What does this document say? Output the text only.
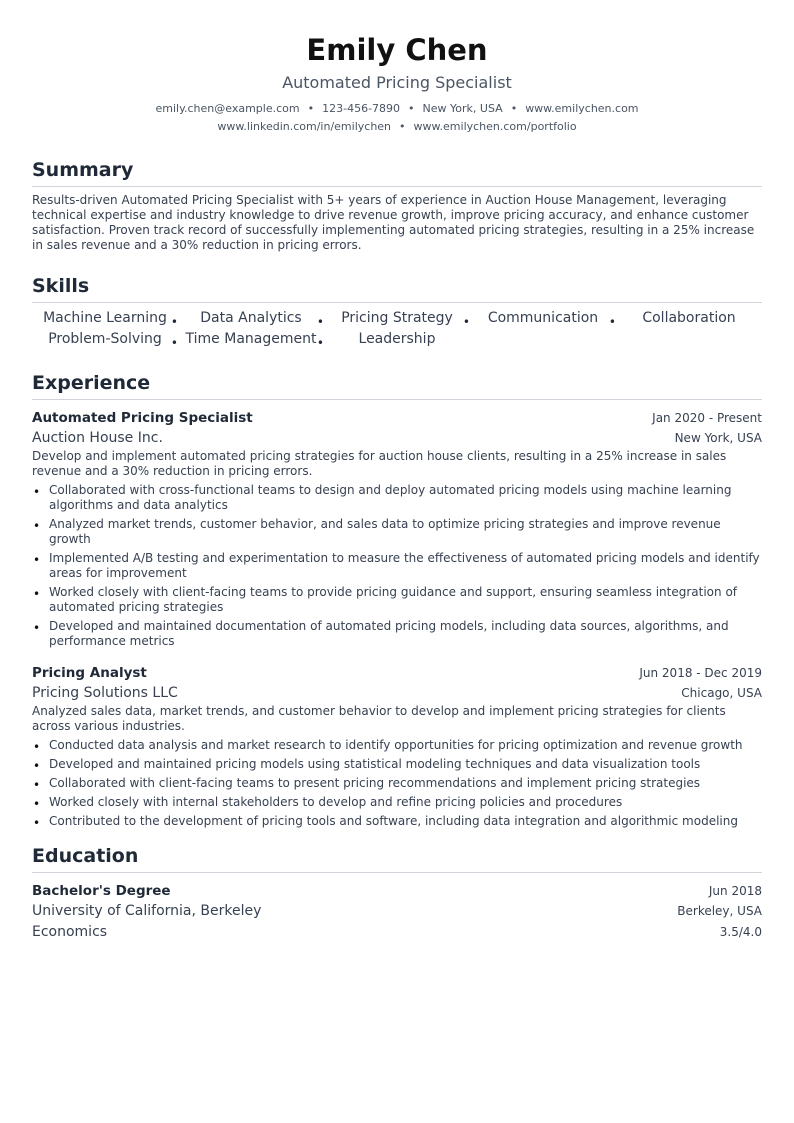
Emily Chen
Automated Pricing Specialist
emily.chen@example.com • 123-456-7890 • New York, USA • www.emilychen.com
www.linkedin.com/in/emilychen • www.emilychen.com/portfolio
Summary
Results-driven Automated Pricing Specialist with 5+ years of experience in Auction House Management, leveraging technical expertise and industry knowledge to drive revenue growth, improve pricing accuracy, and enhance customer satisfaction. Proven track record of successfully implementing automated pricing strategies, resulting in a 25% increase in sales revenue and a 30% reduction in pricing errors.
Skills
Machine Learning •	Data Analytics •	Pricing Strategy •	Communication •	Collaboration
Problem-Solving • Time Management •	Leadership
Experience
Automated Pricing Specialist	Jan 2020 - Present
Auction House Inc.	New York, USA
Develop and implement automated pricing strategies for auction house clients, resulting in a 25% increase in sales revenue and a 30% reduction in pricing errors.
• Collaborated with cross-functional teams to design and deploy automated pricing models using machine learning algorithms and data analytics
• Analyzed market trends, customer behavior, and sales data to optimize pricing strategies and improve revenue growth
• Implemented A/B testing and experimentation to measure the effectiveness of automated pricing models and identify areas for improvement
• Worked closely with client-facing teams to provide pricing guidance and support, ensuring seamless integration of automated pricing strategies
• Developed and maintained documentation of automated pricing models, including data sources, algorithms, and performance metrics
Pricing Analyst	Jun 2018 - Dec 2019
Pricing Solutions LLC	Chicago, USA
Analyzed sales data, market trends, and customer behavior to develop and implement pricing strategies for clients across various industries.
• Conducted data analysis and market research to identify opportunities for pricing optimization and revenue growth
• Developed and maintained pricing models using statistical modeling techniques and data visualization tools
• Collaborated with client-facing teams to present pricing recommendations and implement pricing strategies
• Worked closely with internal stakeholders to develop and refine pricing policies and procedures
• Contributed to the development of pricing tools and software, including data integration and algorithmic modeling
Education
Bachelor's Degree	Jun 2018
University of California, Berkeley	Berkeley, USA
Economics	3.5/4.0
